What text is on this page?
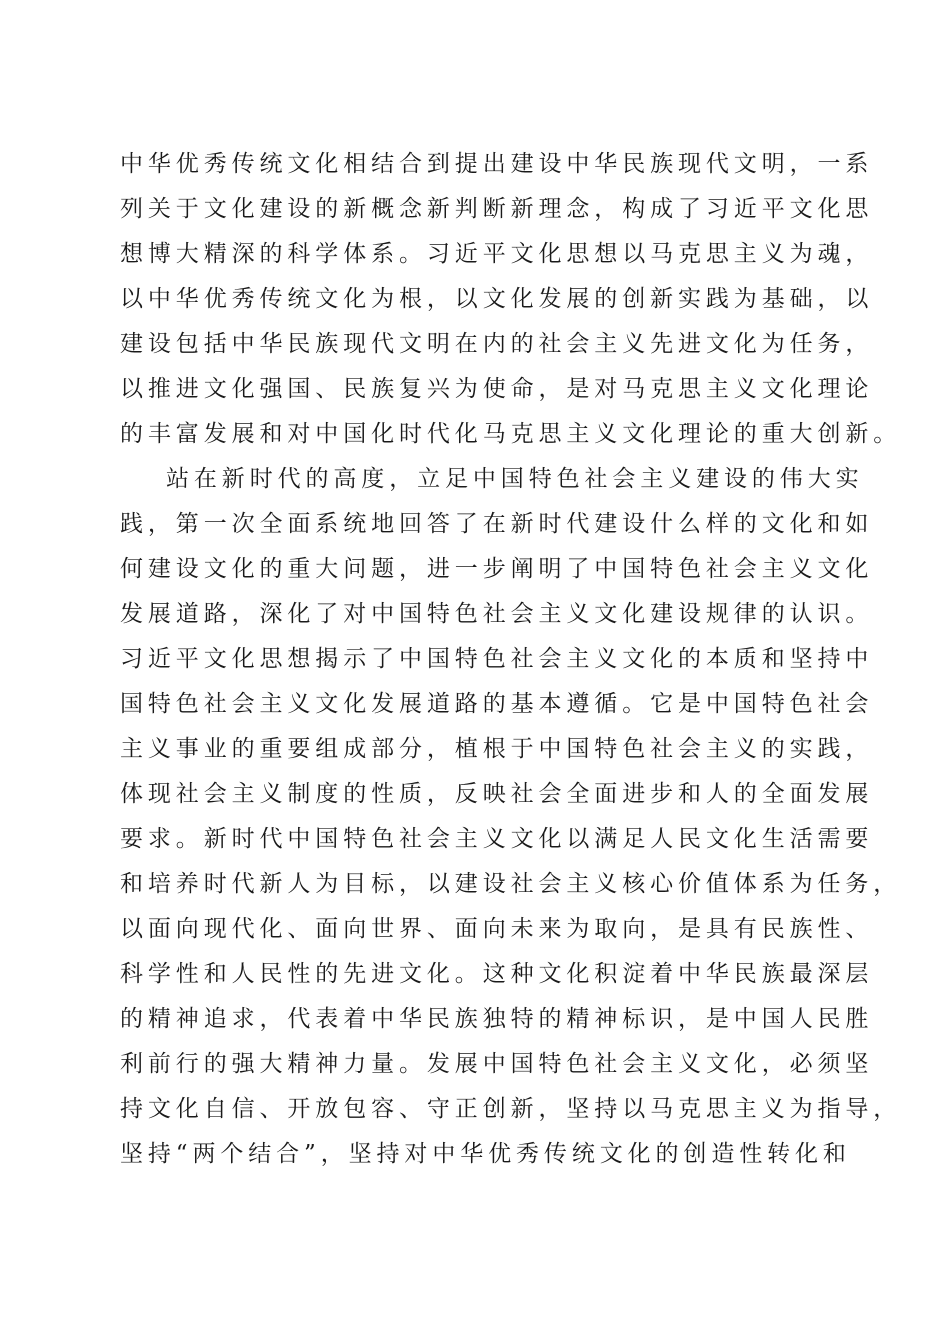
中华优秀传统文化相结合到提出建设中华民族现代文明，一系
列关于文化建设的新概念新判断新理念，构成了习近平文化思
想博大精深的科学体系。习近平文化思想以马克思主义为魂，
以中华优秀传统文化为根，以文化发展的创新实践为基础，以
建设包括中华民族现代文明在内的社会主义先进文化为任务，
以推进文化强国、民族复兴为使命，是对马克思主义文化理论
的丰富发展和对中国化时代化马克思主义文化理论的重大创新。
站在新时代的高度，立足中国特色社会主义建设的伟大实
践，第一次全面系统地回答了在新时代建设什么样的文化和如
何建设文化的重大问题，进一步阐明了中国特色社会主义文化
发展道路，深化了对中国特色社会主义文化建设规律的认识。
习近平文化思想揭示了中国特色社会主义文化的本质和坚持中
国特色社会主义文化发展道路的基本遵循。它是中国特色社会
主义事业的重要组成部分，植根于中国特色社会主义的实践，
体现社会主义制度的性质，反映社会全面进步和人的全面发展
要求。新时代中国特色社会主义文化以满足人民文化生活需要
和培养时代新人为目标，以建设社会主义核心价值体系为任务，
以面向现代化、面向世界、面向未来为取向，是具有民族性、
科学性和人民性的先进文化。这种文化积淀着中华民族最深层
的精神追求，代表着中华民族独特的精神标识，是中国人民胜
利前行的强大精神力量。发展中国特色社会主义文化，必须坚
持文化自信、开放包容、守正创新，坚持以马克思主义为指导，
坚持“两个结合”，坚持对中华优秀传统文化的创造性转化和
